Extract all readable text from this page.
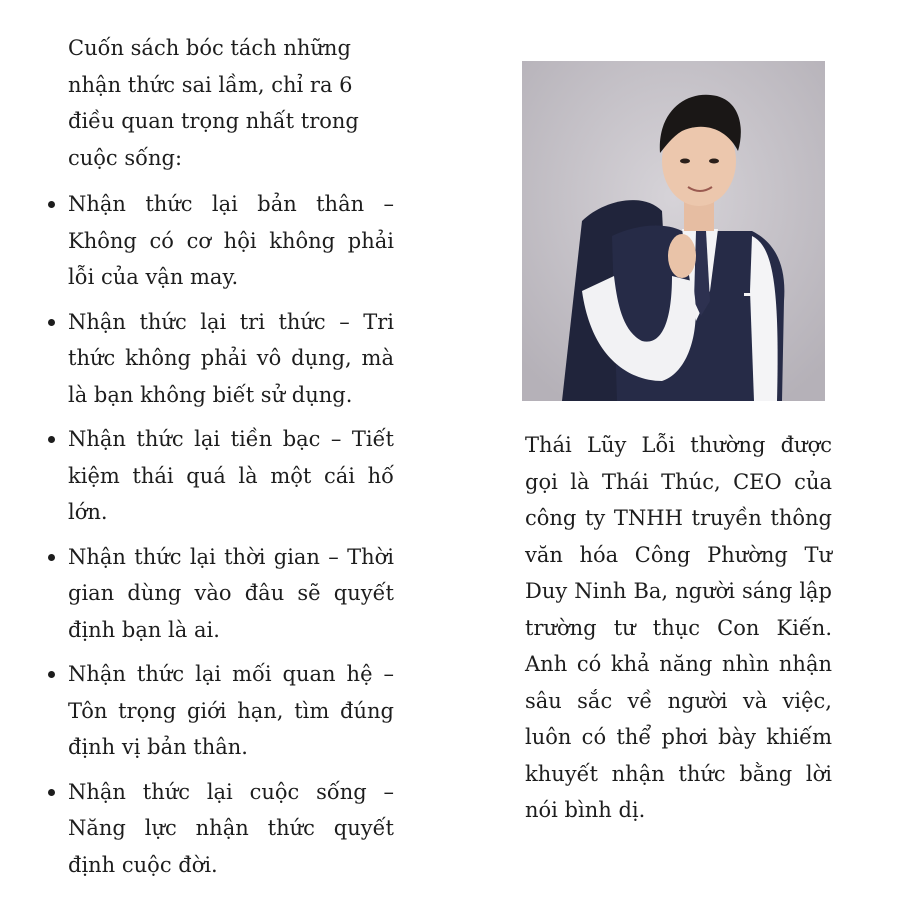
Cuốn sách bóc tách những nhận thức sai lầm, chỉ ra 6 điều quan trọng nhất trong cuộc sống:

Nhận thức lại bản thân – Không có cơ hội không phải lỗi của vận may.
Nhận thức lại tri thức – Tri thức không phải vô dụng, mà là bạn không biết sử dụng.
Nhận thức lại tiền bạc – Tiết kiệm thái quá là một cái hố lớn.
Nhận thức lại thời gian – Thời gian dùng vào đâu sẽ quyết định bạn là ai.
Nhận thức lại mối quan hệ – Tôn trọng giới hạn, tìm đúng định vị bản thân.
Nhận thức lại cuộc sống – Năng lực nhận thức quyết định cuộc đời.

Thái Lũy Lỗi thường được gọi là Thái Thúc, CEO của công ty TNHH truyền thông văn hóa Công Phường Tư Duy Ninh Ba, người sáng lập trường tư thục Con Kiến. Anh có khả năng nhìn nhận sâu sắc về người và việc, luôn có thể phơi bày khiếm khuyết nhận thức bằng lời nói bình dị.
